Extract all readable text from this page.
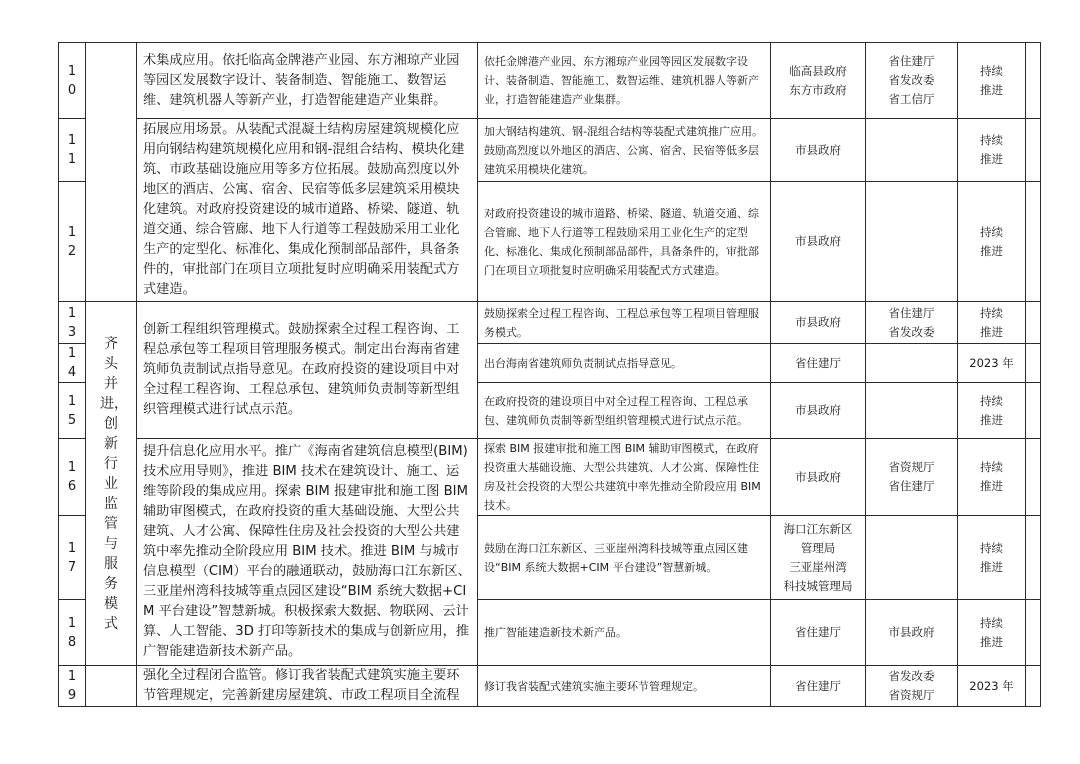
1
0		术集成应用。依托临高金牌港产业园、东方湘琼产业园等园区发展数字设计、装备制造、智能施工、数智运维、建筑机器人等新产业，打造智能建造产业集群。	依托金牌港产业园、东方湘琼产业园等园区发展数字设计、装备制造、智能施工、数智运维、建筑机器人等新产业，打造智能建造产业集群。	临高县政府
东方市政府	省住建厅
省发改委
省工信厅	持续
推进	

1
1		拓展应用场景。从装配式混凝土结构房屋建筑规模化应用向钢结构建筑规模化应用和钢-混组合结构、模块化建筑、市政基础设施应用等多方位拓展。鼓励高烈度以外地区的酒店、公寓、宿舍、民宿等低多层建筑采用模块化建筑。对政府投资建设的城市道路、桥梁、隧道、轨道交通、综合管廊、地下人行道等工程鼓励采用工业化生产的定型化、标准化、集成化预制部品部件，具备条件的，审批部门在项目立项批复时应明确采用装配式方式建造。	加大钢结构建筑、钢-混组合结构等装配式建筑推广应用。鼓励高烈度以外地区的酒店、公寓、宿舍、民宿等低多层建筑采用模块化建筑。	市县政府		持续
推进	

1
2			对政府投资建设的城市道路、桥梁、隧道、轨道交通、综合管廊、地下人行道等工程鼓励采用工业化生产的定型化、标准化、集成化预制部品部件，具备条件的，审批部门在项目立项批复时应明确采用装配式方式建造。	市县政府		持续
推进	

1
3	齐头并进，创新行业监管与服务模式	创新工程组织管理模式。鼓励探索全过程工程咨询、工程总承包等工程项目管理服务模式。制定出台海南省建筑师负责制试点指导意见。在政府投资的建设项目中对全过程工程咨询、工程总承包、建筑师负责制等新型组织管理模式进行试点示范。	鼓励探索全过程工程咨询、工程总承包等工程项目管理服务模式。	市县政府	省住建厅
省发改委	持续
推进	

1
4			出台海南省建筑师负责制试点指导意见。	省住建厅		2023 年	

1
5			在政府投资的建设项目中对全过程工程咨询、工程总承包、建筑师负责制等新型组织管理模式进行试点示范。	市县政府		持续
推进	

1
6		提升信息化应用水平。推广《海南省建筑信息模型(BIM)技术应用导则》，推进 BIM 技术在建筑设计、施工、运维等阶段的集成应用。探索 BIM 报建审批和施工图 BIM 辅助审图模式，在政府投资的重大基础设施、大型公共建筑、人才公寓、保障性住房及社会投资的大型公共建筑中率先推动全阶段应用 BIM 技术。推进 BIM 与城市信息模型（CIM）平台的融通联动，鼓励海口江东新区、三亚崖州湾科技城等重点园区建设“BIM 系统大数据+CIM 平台建设”智慧新城。积极探索大数据、物联网、云计算、人工智能、3D 打印等新技术的集成与创新应用，推广智能建造新技术新产品。	探索 BIM 报建审批和施工图 BIM 辅助审图模式，在政府投资重大基础设施、大型公共建筑、人才公寓、保障性住房及社会投资的大型公共建筑中率先推动全阶段应用 BIM 技术。	市县政府	省资规厅
省住建厅	持续
推进	

1
7			鼓励在海口江东新区、三亚崖州湾科技城等重点园区建设“BIM 系统大数据+CIM 平台建设”智慧新城。	海口江东新区
管理局
三亚崖州湾
科技城管理局		持续
推进	

1
8			推广智能建造新技术新产品。	省住建厅	市县政府	持续
推进	

1
9		强化全过程闭合监管。修订我省装配式建筑实施主要环节管理规定，完善新建房屋建筑、市政工程项目全流程	修订我省装配式建筑实施主要环节管理规定。	省住建厅	省发改委
省资规厅	2023 年	
